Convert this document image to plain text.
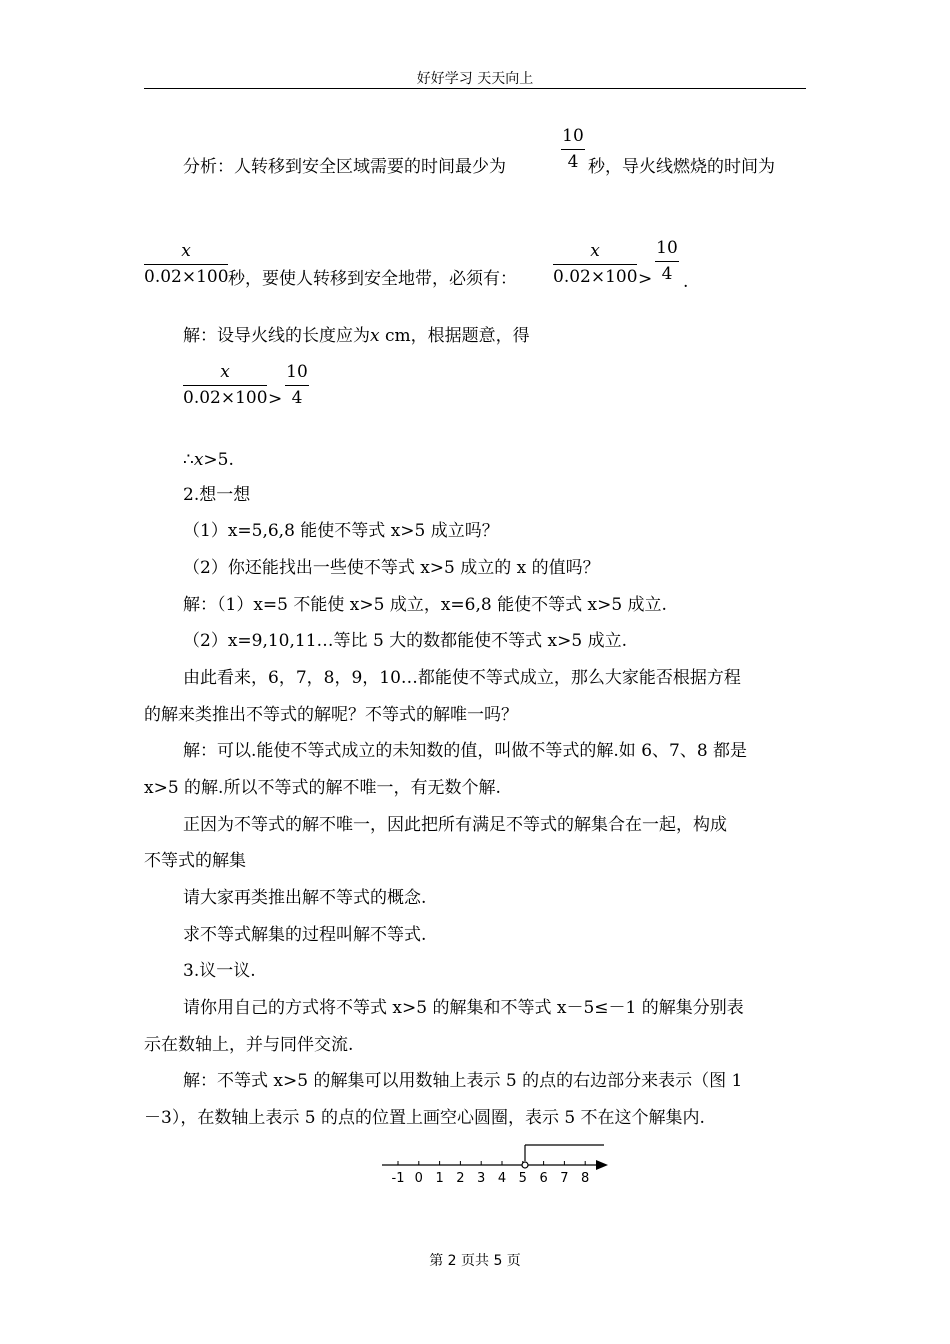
好好学习 天天向上
分析：人转移到安全区域需要的时间最少为
10
4 秒，导火线燃烧的时间为
x
0.02×100 秒，要使人转移到安全地带，必须有：
x
0.02×100 >
10
4 .
解：设导火线的长度应为x cm，根据题意，得
x
0.02×100 >
10
4
∴x>5.
2.想一想
（1）x=5,6,8 能使不等式 x>5 成立吗？
（2）你还能找出一些使不等式 x>5 成立的 x 的值吗？
解：（1）x=5 不能使 x>5 成立，x=6,8 能使不等式 x>5 成立.
（2）x=9,10,11…等比 5 大的数都能使不等式 x>5 成立.
由此看来，6，7，8，9，10…都能使不等式成立，那么大家能否根据方程
的解来类推出不等式的解呢？不等式的解唯一吗？
解：可以.能使不等式成立的未知数的值，叫做不等式的解.如 6、7、8 都是
x>5 的解.所以不等式的解不唯一，有无数个解.
正因为不等式的解不唯一，因此把所有满足不等式的解集合在一起，构成
不等式的解集
请大家再类推出解不等式的概念.
求不等式解集的过程叫解不等式.
3.议一议.
请你用自己的方式将不等式 x>5 的解集和不等式 x－5≤－1 的解集分别表
示在数轴上，并与同伴交流.
解：不等式 x>5 的解集可以用数轴上表示 5 的点的右边部分来表示（图 1
－3），在数轴上表示 5 的点的位置上画空心圆圈，表示 5 不在这个解集内.
-1 0 1 2 3 4 5 6 7 8
第 2 页共 5 页
